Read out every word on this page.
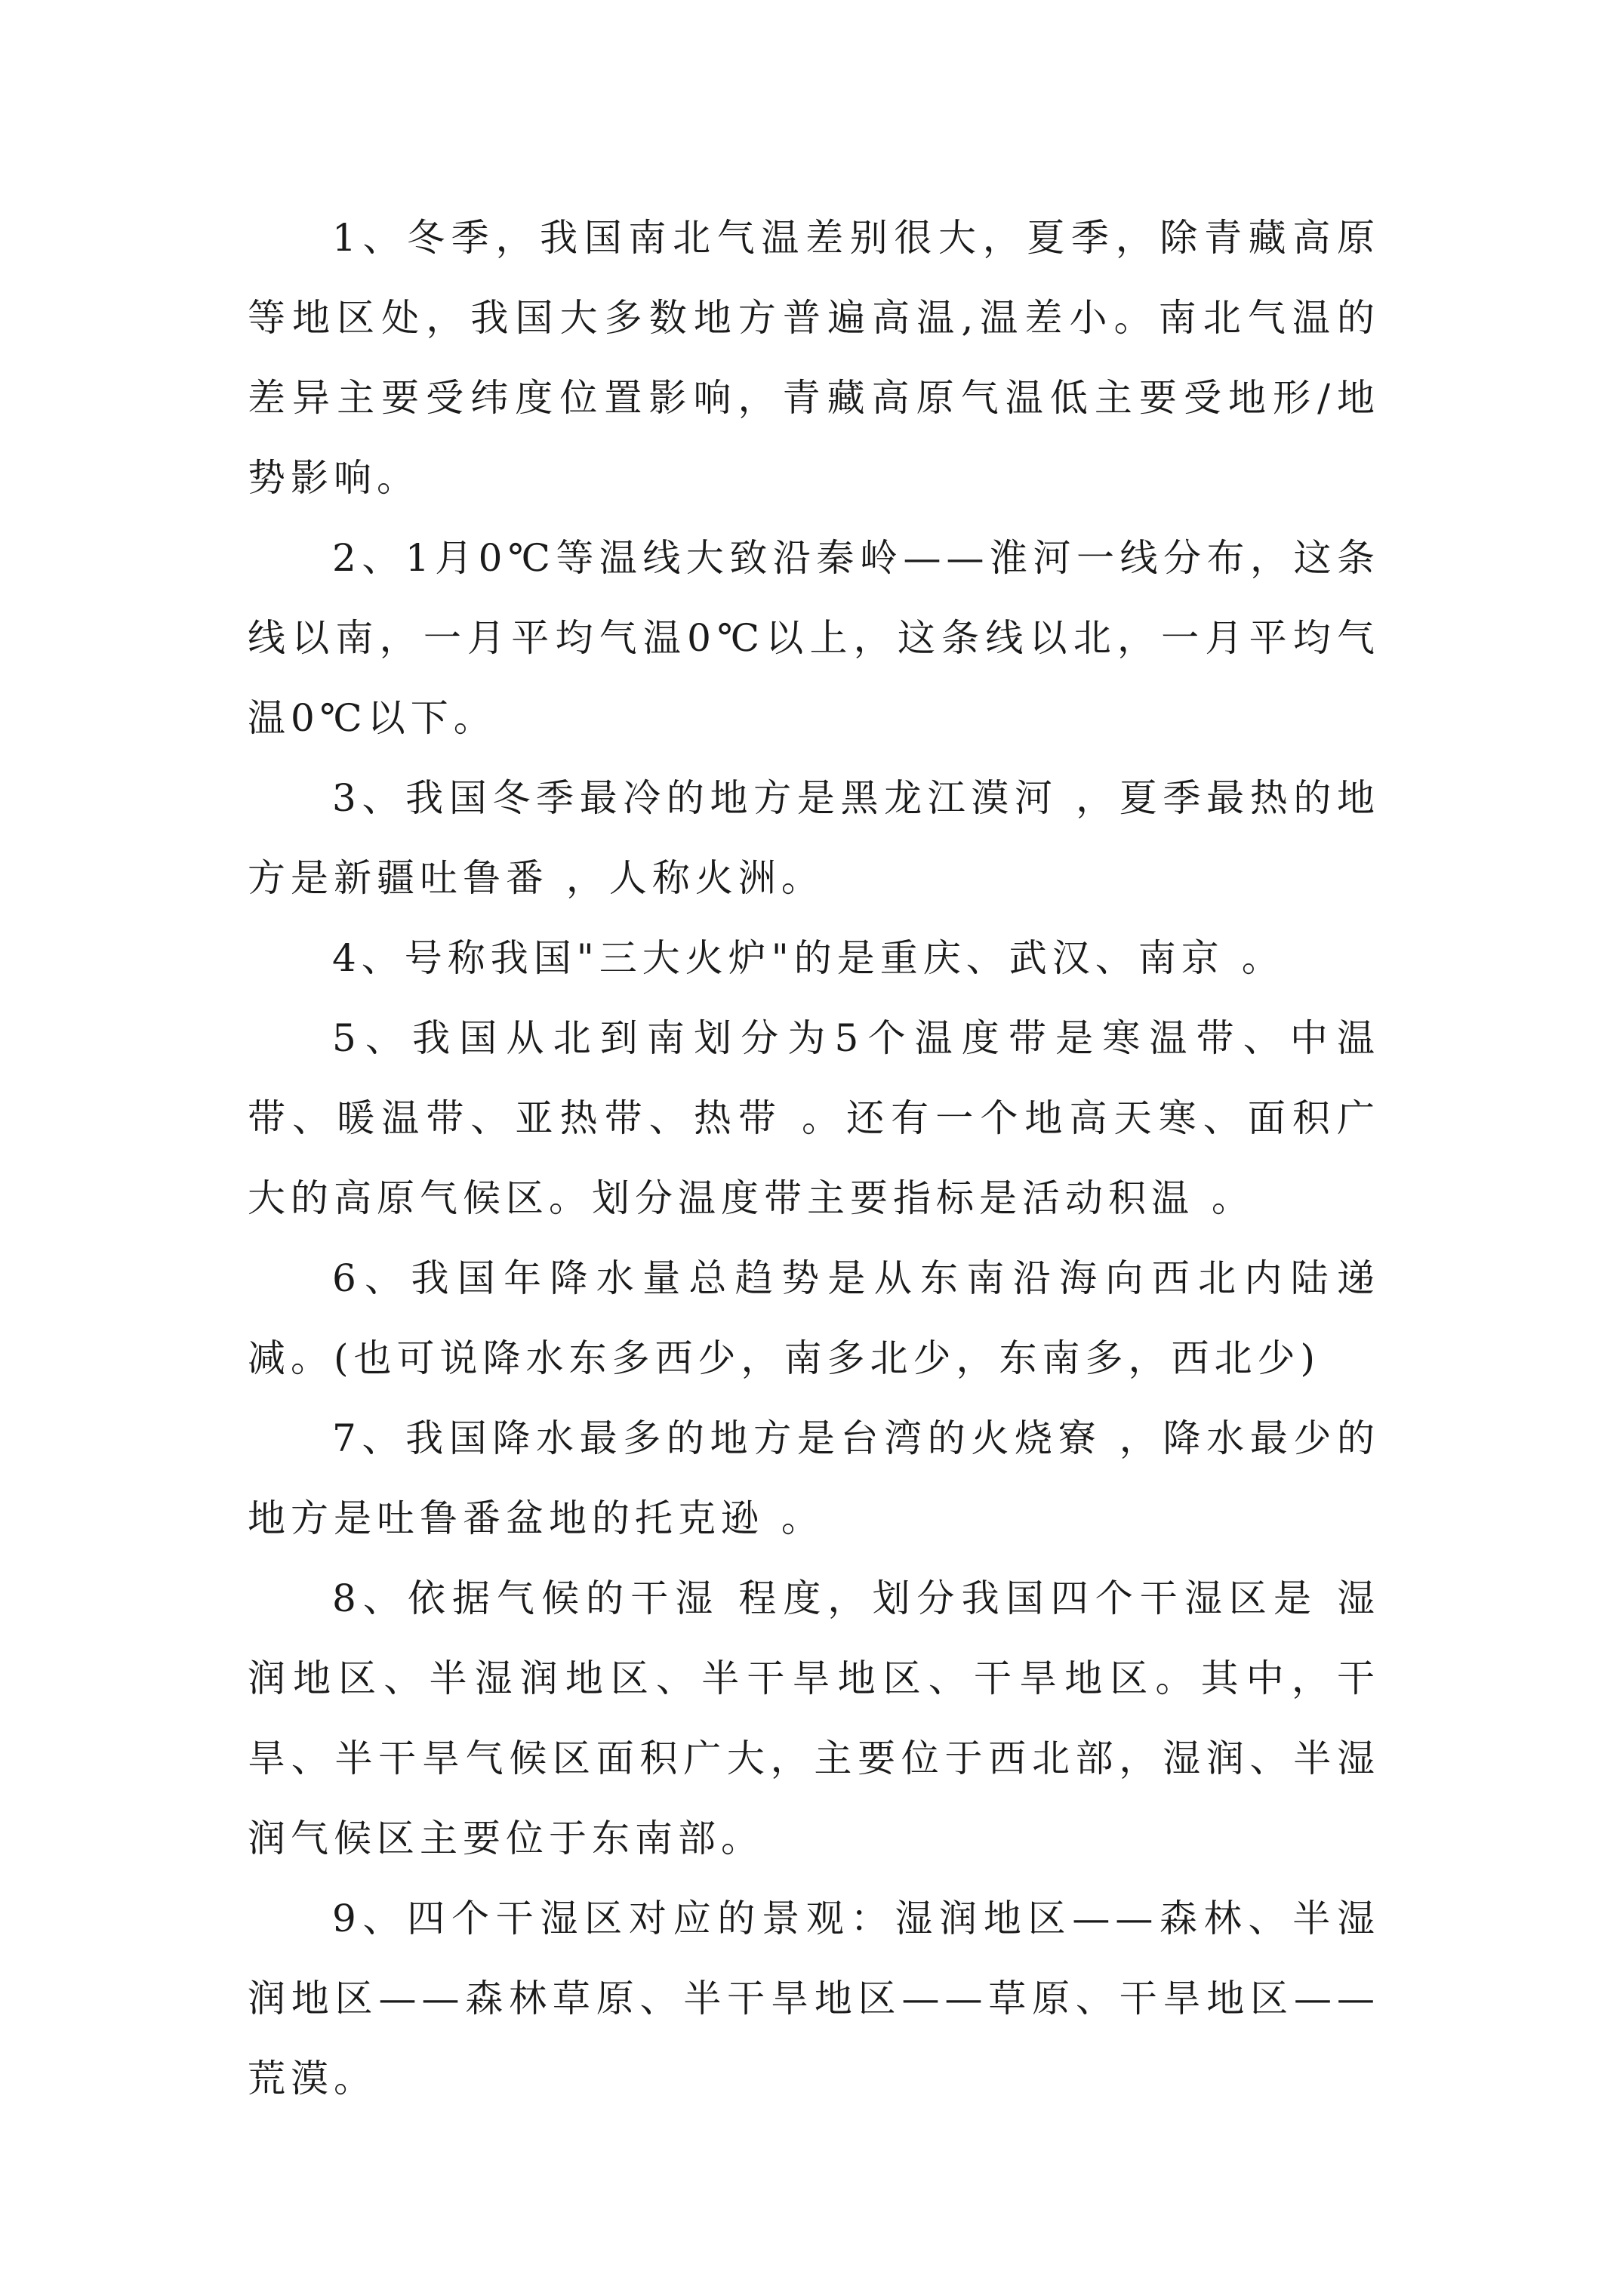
1、冬季，我国南北气温差别很大，夏季，除青藏高原等地区处，我国大多数地方普遍高温,温差小。南北气温的差异主要受纬度位置影响，青藏高原气温低主要受地形/地势影响。

2、1月0℃等温线大致沿秦岭——淮河一线分布，这条线以南，一月平均气温0℃以上，这条线以北，一月平均气温0℃以下。

3、我国冬季最冷的地方是黑龙江漠河 ，夏季最热的地方是新疆吐鲁番 ，人称火洲。

4、号称我国"三大火炉"的是重庆、武汉、南京 。

5、我国从北到南划分为5个温度带是寒温带、中温带、暖温带、亚热带、热带 。还有一个地高天寒、面积广大的高原气候区。划分温度带主要指标是活动积温 。

6、我国年降水量总趋势是从东南沿海向西北内陆递减。(也可说降水东多西少，南多北少，东南多，西北少)

7、我国降水最多的地方是台湾的火烧寮 ，降水最少的地方是吐鲁番盆地的托克逊 。

8、依据气候的干湿 程度，划分我国四个干湿区是 湿润地区、半湿润地区、半干旱地区、干旱地区。其中，干旱、半干旱气候区面积广大，主要位于西北部，湿润、半湿润气候区主要位于东南部。

9、四个干湿区对应的景观：湿润地区——森林、半湿润地区——森林草原、半干旱地区——草原、干旱地区——荒漠。
